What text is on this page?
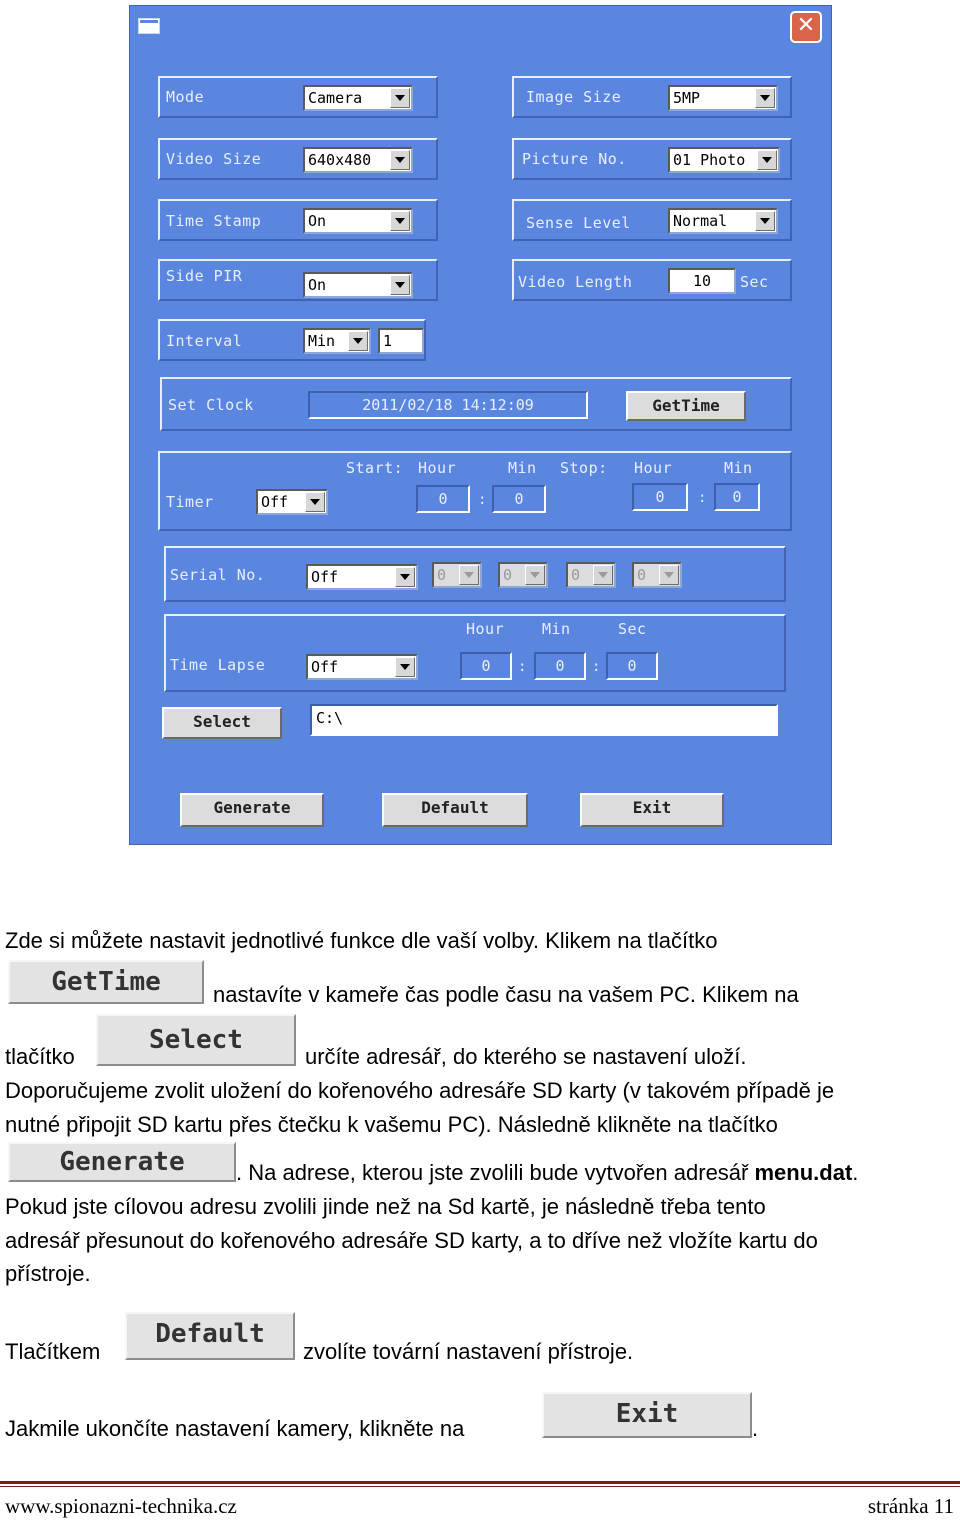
✕
Mode	Camera	Image Size	5MP
Video Size	640x480	Picture No.	01 Photo
Time Stamp	On	Sense Level	Normal
Side PIR	On	Video Length	10	Sec
Interval	Min	1
Set Clock	2011/02/18 14:12:09	GetTime
Start: Hour	Min Stop: Hour	Min
Timer	Off	0	:	0	0	:	0
Serial No.	Off	0	0	0	0
Hour	Min	Sec
Time Lapse	Off	0	:	0	:	0
Select	C:\
Generate	Default	Exit
Zde si můžete nastavit jednotlivé funkce dle vaší volby. Klikem na tlačítko
GetTime	nastavíte v kameře čas podle času na vašem PC. Klikem na
tlačítko
Select
určíte adresář, do kterého se nastavení uloží.
Doporučujeme zvolit uložení do kořenového adresáře SD karty (v takovém případě je
nutné připojit SD kartu přes čtečku k vašemu PC). Následně klikněte na tlačítko
Generate	. Na adrese, kterou jste zvolili bude vytvořen adresář menu.dat.
Pokud jste cílovou adresu zvolili jinde než na Sd kartě, je následně třeba tento
adresář přesunout do kořenového adresáře SD karty, a to dříve než vložíte kartu do
přístroje.
Tlačítkem
Default
zvolíte tovární nastavení přístroje.
Jakmile ukončíte nastavení kamery, klikněte na	Exit	.
www.spionazni-technika.cz	stránka 11
